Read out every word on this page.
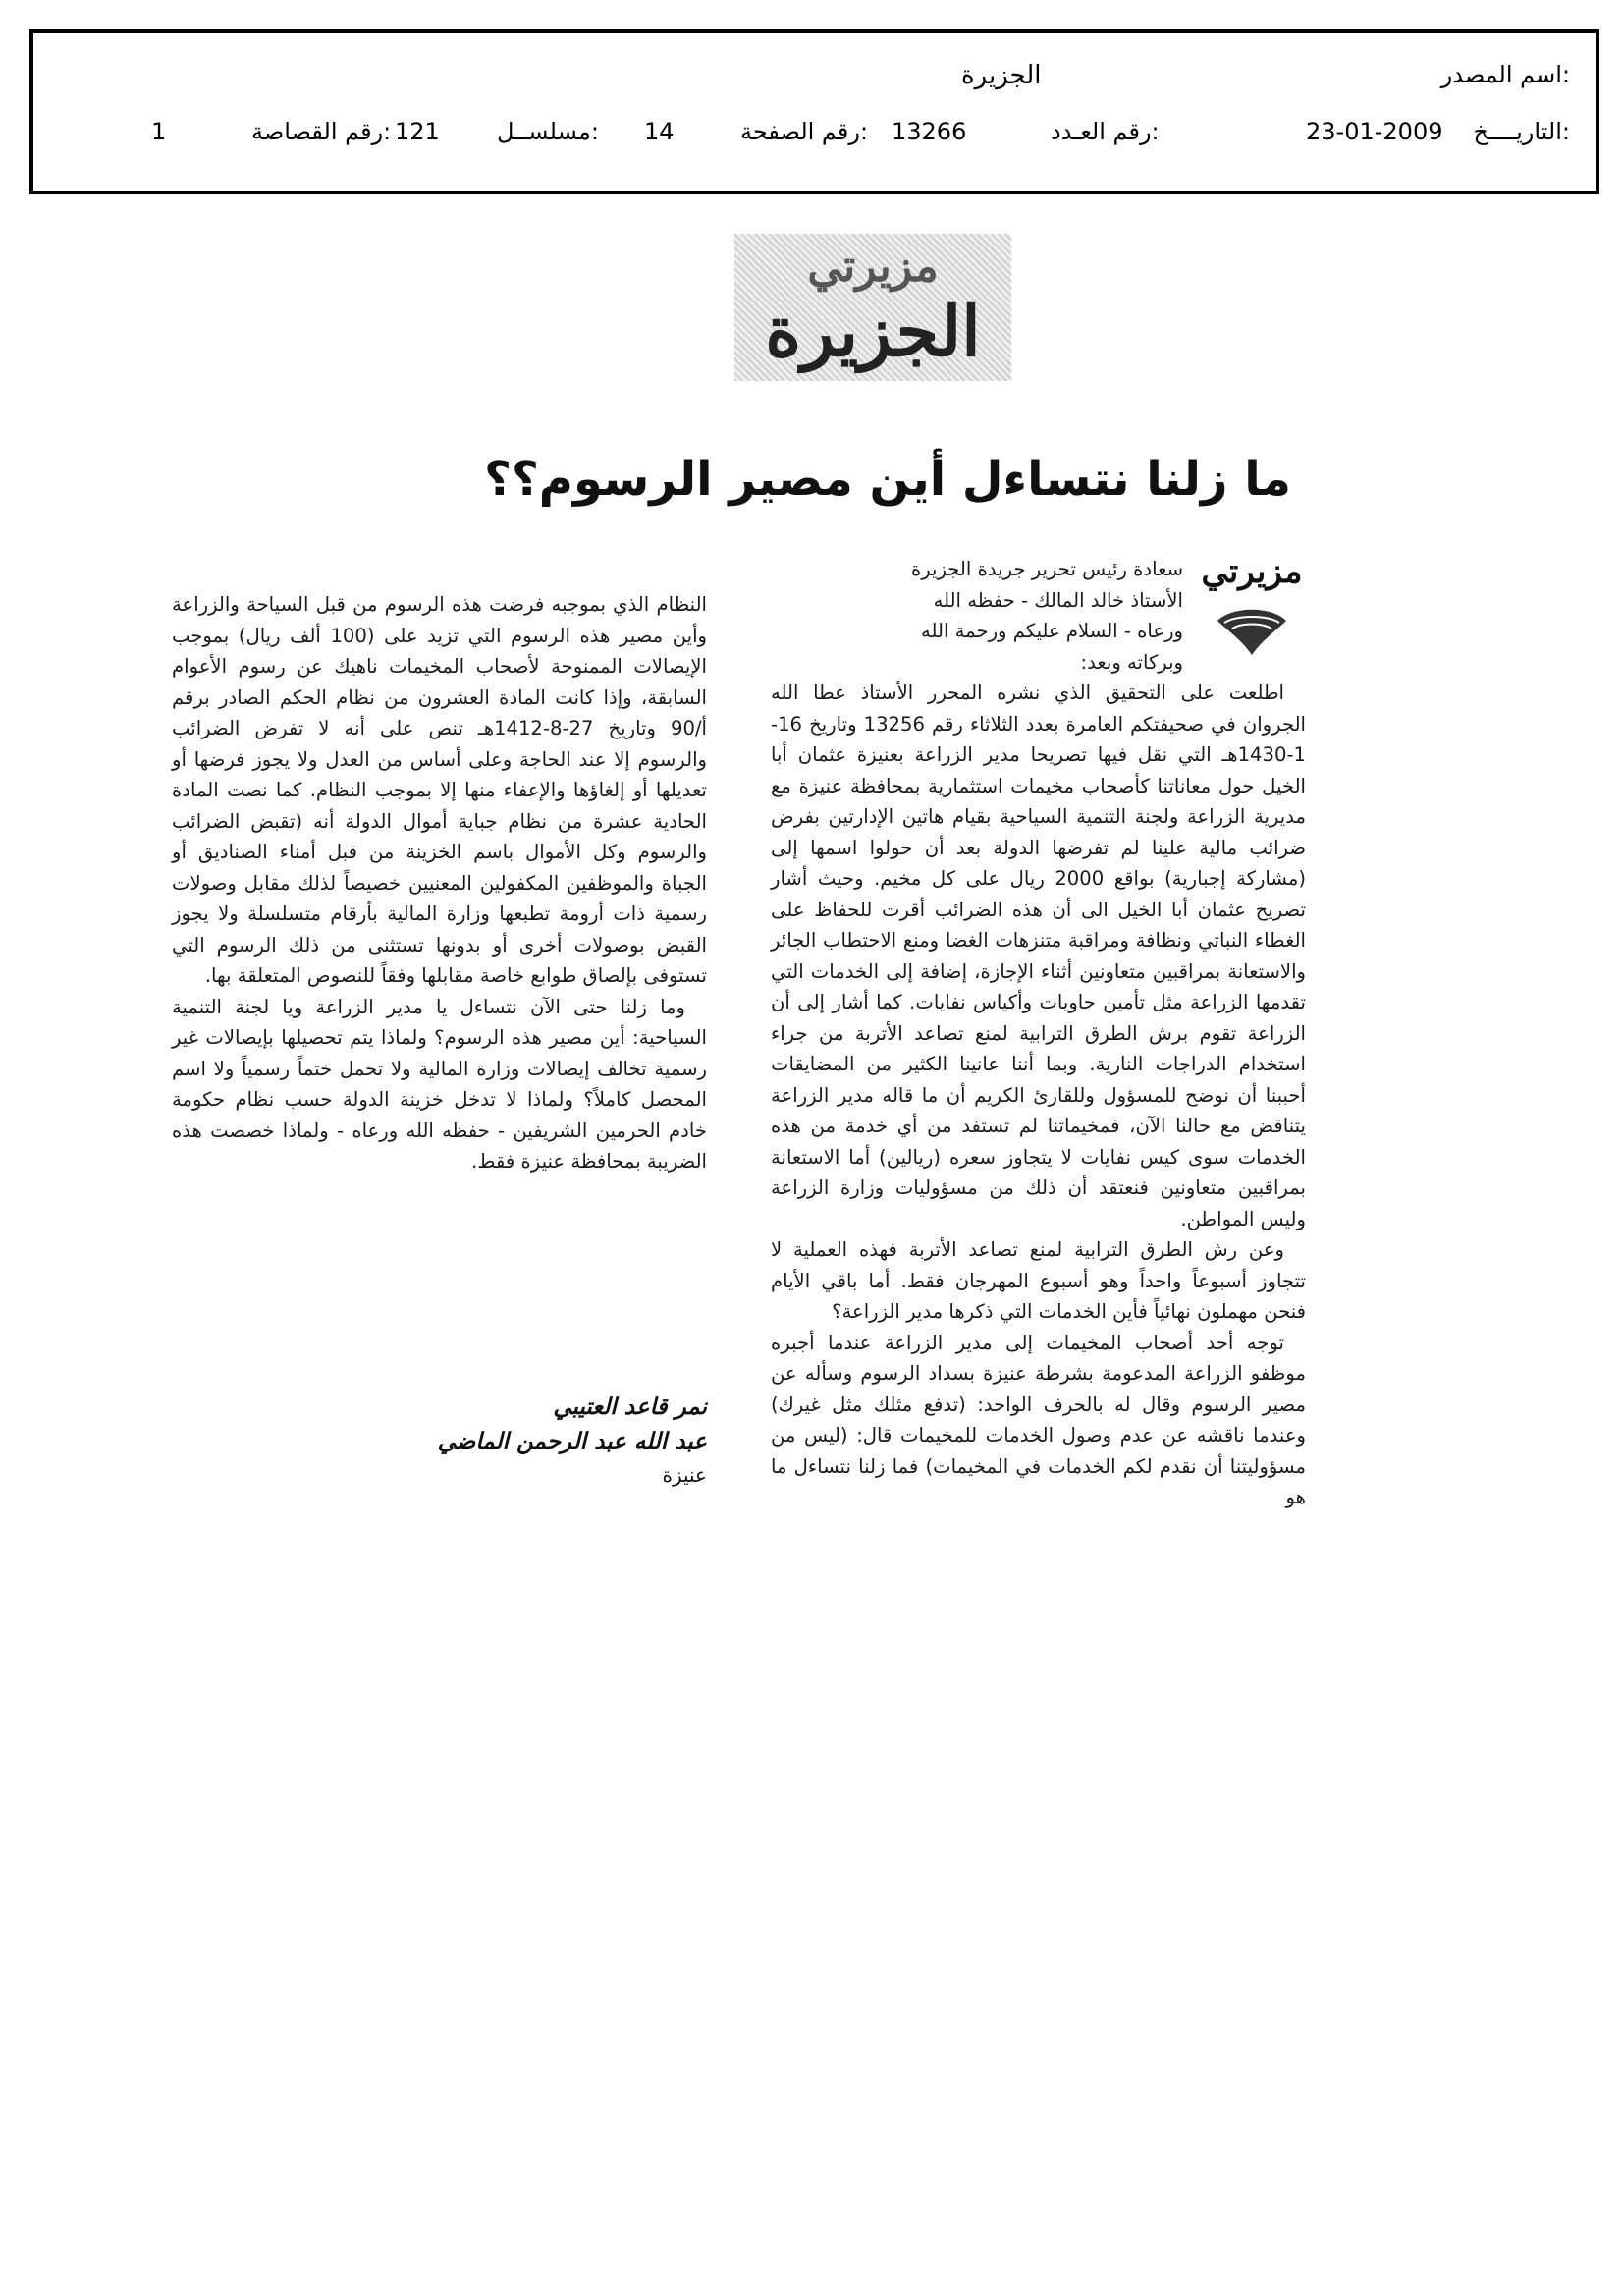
اسم المصدر:
الجزيرة
التاريــــخ:
23-01-2009
رقم العـدد:
13266
رقم الصفحة:
14
مسلســل:
121
رقم القصاصة:
1
مزيرتي
الجزيرة
ما زلنا نتساءل أين مصير الرسوم؟؟
مزيرتي

سعادة رئيس تحرير جريدة الجزيرة

الأستاذ خالد المالك - حفظه الله

ورعاه - السلام عليكم ورحمة الله

وبركاته وبعد:

اطلعت على التحقيق الذي نشره المحرر الأستاذ عطا الله الجروان في صحيفتكم العامرة بعدد الثلاثاء رقم 13256 وتاريخ 16-1-1430هـ التي نقل فيها تصريحا مدير الزراعة بعنيزة عثمان أبا الخيل حول معاناتنا كأصحاب مخيمات استثمارية بمحافظة عنيزة مع مديرية الزراعة ولجنة التنمية السياحية بقيام هاتين الإدارتين بفرض ضرائب مالية علينا لم تفرضها الدولة بعد أن حولوا اسمها إلى (مشاركة إجبارية) بواقع 2000 ريال على كل مخيم. وحيث أشار تصريح عثمان أبا الخيل الى أن هذه الضرائب أقرت للحفاظ على الغطاء النباتي ونظافة ومراقبة متنزهات الغضا ومنع الاحتطاب الجائر والاستعانة بمراقبين متعاونين أثناء الإجازة، إضافة إلى الخدمات التي تقدمها الزراعة مثل تأمين حاويات وأكياس نفايات. كما أشار إلى أن الزراعة تقوم برش الطرق الترابية لمنع تصاعد الأتربة من جراء استخدام الدراجات النارية. وبما أننا عانينا الكثير من المضايقات أحببنا أن نوضح للمسؤول وللقارئ الكريم أن ما قاله مدير الزراعة يتناقض مع حالنا الآن، فمخيماتنا لم تستفد من أي خدمة من هذه الخدمات سوى كيس نفايات لا يتجاوز سعره (ريالين) أما الاستعانة بمراقبين متعاونين فنعتقد أن ذلك من مسؤوليات وزارة الزراعة وليس المواطن.

وعن رش الطرق الترابية لمنع تصاعد الأتربة فهذه العملية لا تتجاوز أسبوعاً واحداً وهو أسبوع المهرجان فقط. أما باقي الأيام فنحن مهملون نهائياً فأين الخدمات التي ذكرها مدير الزراعة؟

توجه أحد أصحاب المخيمات إلى مدير الزراعة عندما أجبره موظفو الزراعة المدعومة بشرطة عنيزة بسداد الرسوم وسأله عن مصير الرسوم وقال له بالحرف الواحد: (تدفع مثلك مثل غيرك) وعندما ناقشه عن عدم وصول الخدمات للمخيمات قال: (ليس من مسؤوليتنا أن نقدم لكم الخدمات في المخيمات) فما زلنا نتساءل ما هو

النظام الذي بموجبه فرضت هذه الرسوم من قبل السياحة والزراعة وأين مصير هذه الرسوم التي تزيد على (100 ألف ريال) بموجب الإيصالات الممنوحة لأصحاب المخيمات ناهيك عن رسوم الأعوام السابقة، وإذا كانت المادة العشرون من نظام الحكم الصادر برقم أ/90 وتاريخ 27-8-1412هـ تنص على أنه لا تفرض الضرائب والرسوم إلا عند الحاجة وعلى أساس من العدل ولا يجوز فرضها أو تعديلها أو إلغاؤها والإعفاء منها إلا بموجب النظام. كما نصت المادة الحادية عشرة من نظام جباية أموال الدولة أنه (تقبض الضرائب والرسوم وكل الأموال باسم الخزينة من قبل أمناء الصناديق أو الجباة والموظفين المكفولين المعنيين خصيصاً لذلك مقابل وصولات رسمية ذات أرومة تطبعها وزارة المالية بأرقام متسلسلة ولا يجوز القبض بوصولات أخرى أو بدونها تستثنى من ذلك الرسوم التي تستوفى بإلصاق طوابع خاصة مقابلها وفقاً للنصوص المتعلقة بها.

وما زلنا حتى الآن نتساءل يا مدير الزراعة ويا لجنة التنمية السياحية: أين مصير هذه الرسوم؟ ولماذا يتم تحصيلها بإيصالات غير رسمية تخالف إيصالات وزارة المالية ولا تحمل ختماً رسمياً ولا اسم المحصل كاملاً؟ ولماذا لا تدخل خزينة الدولة حسب نظام حكومة خادم الحرمين الشريفين - حفظه الله ورعاه - ولماذا خصصت هذه الضريبة بمحافظة عنيزة فقط.

نمر قاعد العتيبي
عبد الله عبد الرحمن الماضي
عنيزة
